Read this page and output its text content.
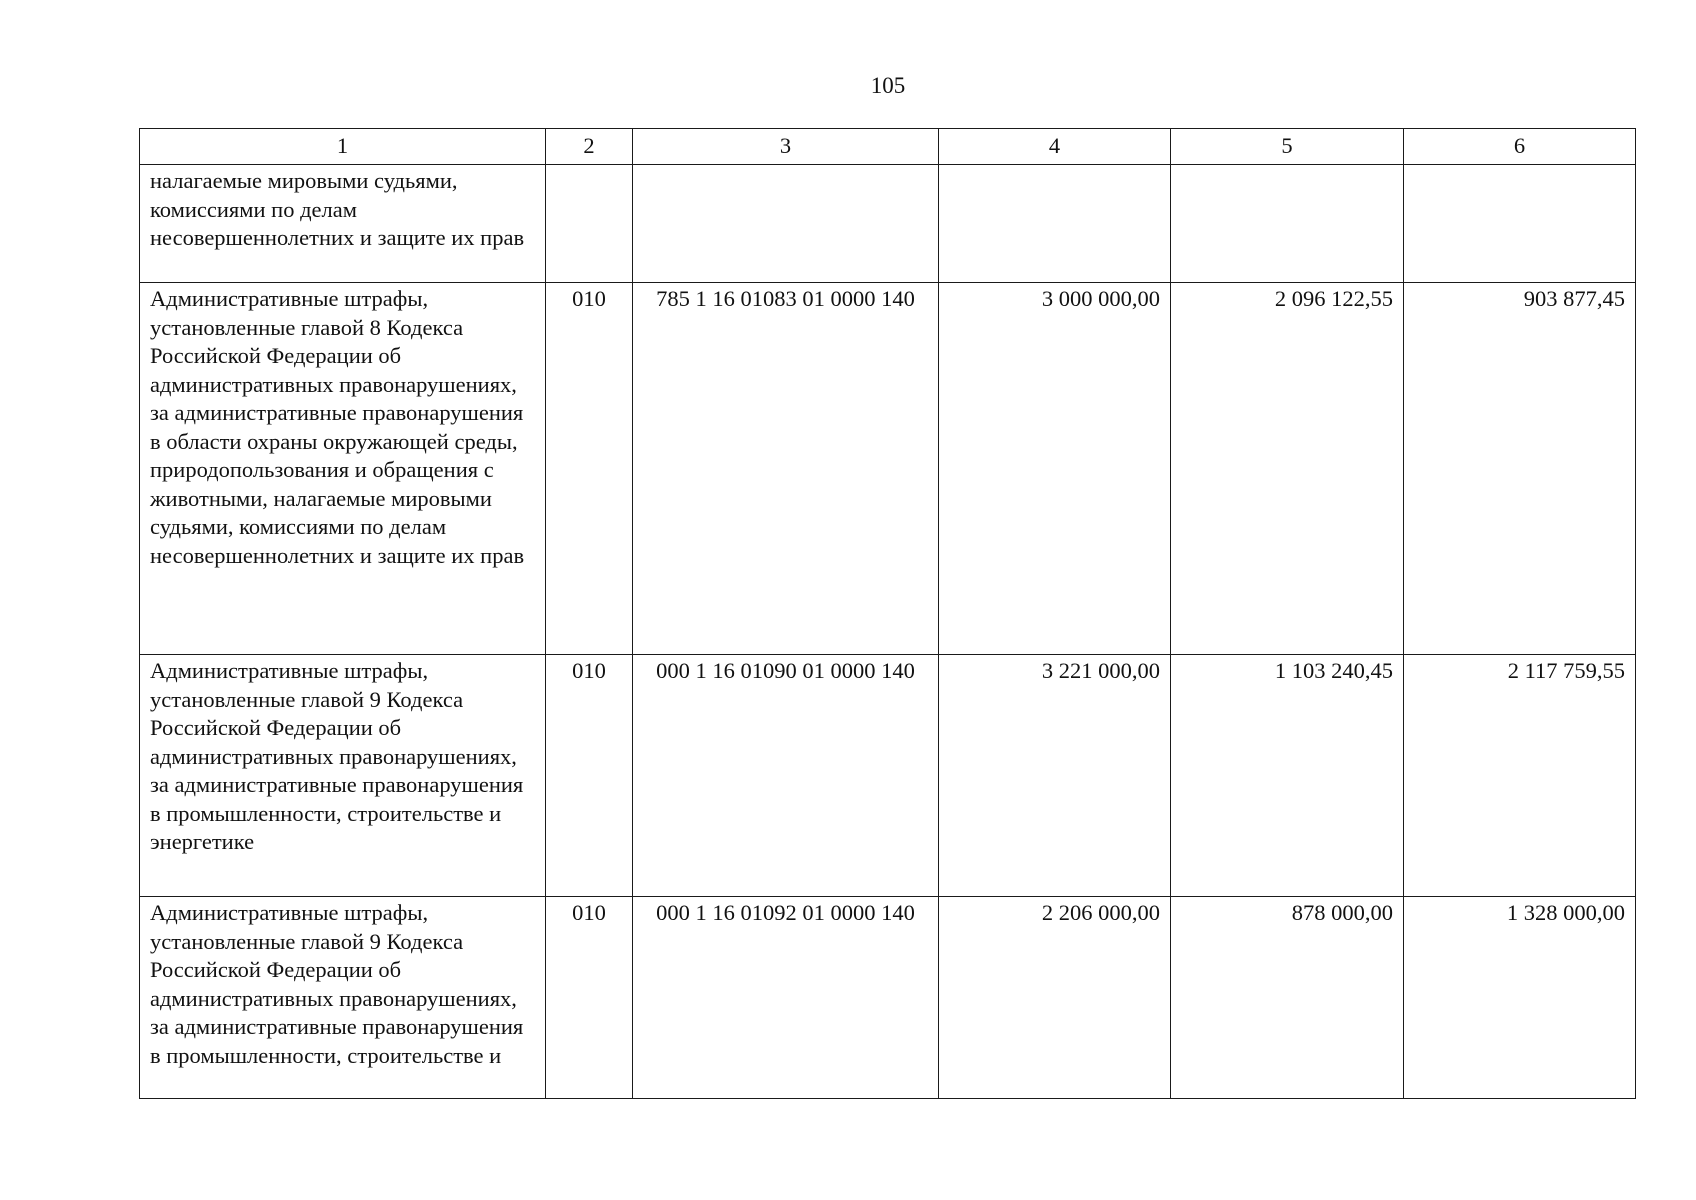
105
1	2	3	4	5	6
налагаемые мировыми судьями, комиссиями по делам несовершеннолетних и защите их прав					
Административные штрафы, установленные главой 8 Кодекса Российской Федерации об административных правонарушениях, за административные правонарушения в области охраны окружающей среды, природопользования и обращения с животными, налагаемые мировыми судьями, комиссиями по делам несовершеннолетних и защите их прав	010	785 1 16 01083 01 0000 140	3 000 000,00	2 096 122,55	903 877,45
Административные штрафы, установленные главой 9 Кодекса Российской Федерации об административных правонарушениях, за административные правонарушения в промышленности, строительстве и энергетике	010	000 1 16 01090 01 0000 140	3 221 000,00	1 103 240,45	2 117 759,55
Административные штрафы, установленные главой 9 Кодекса Российской Федерации об административных правонарушениях, за административные правонарушения в промышленности, строительстве и	010	000 1 16 01092 01 0000 140	2 206 000,00	878 000,00	1 328 000,00
